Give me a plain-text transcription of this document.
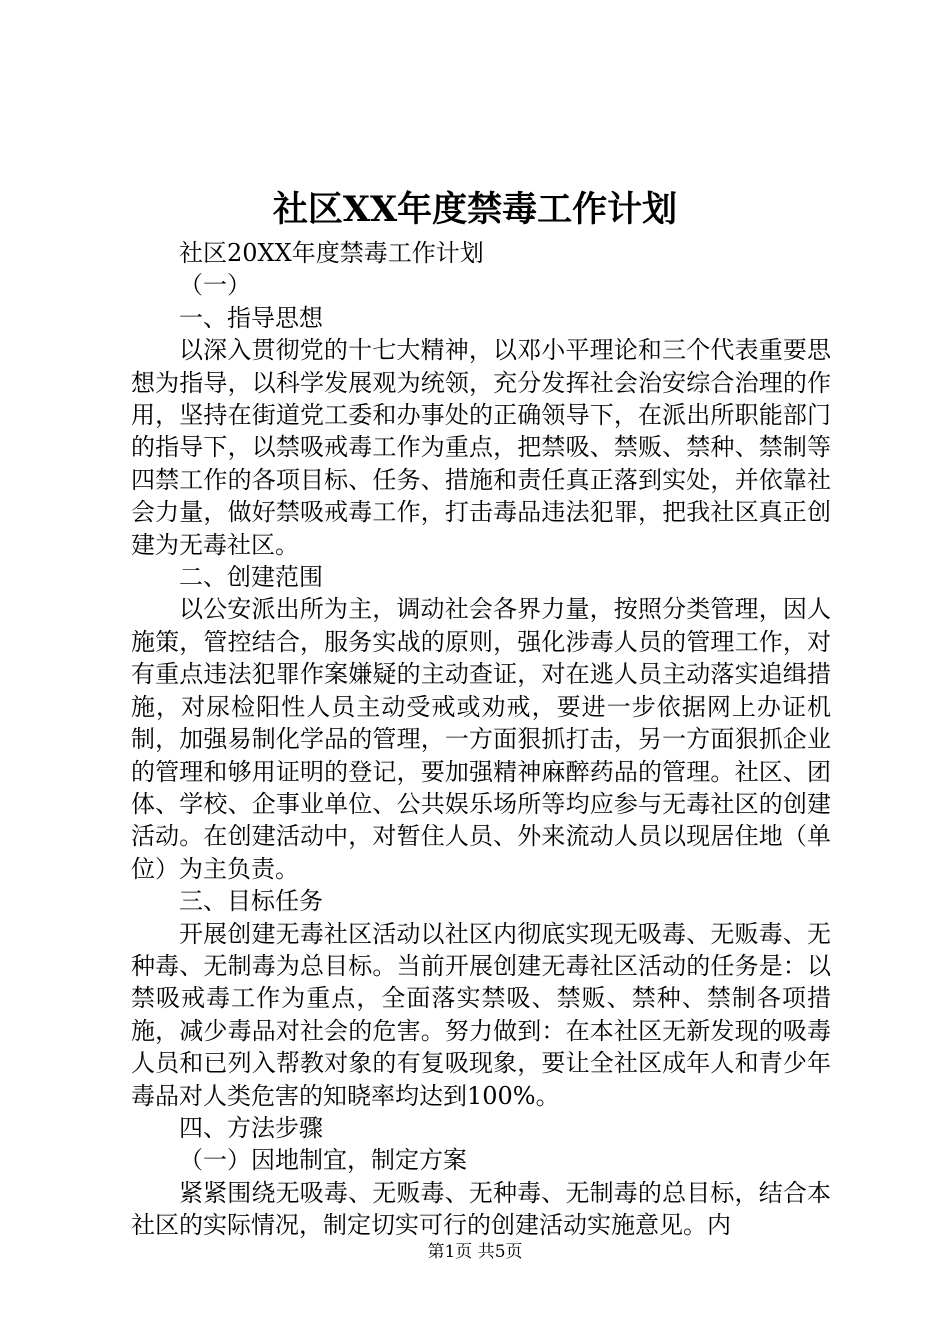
社区XX年度禁毒工作计划

社区20XX年度禁毒工作计划

（一）

一、指导思想

以深入贯彻党的十七大精神，以邓小平理论和三个代表重要思想为指导，以科学发展观为统领，充分发挥社会治安综合治理的作用，坚持在街道党工委和办事处的正确领导下，在派出所职能部门的指导下，以禁吸戒毒工作为重点，把禁吸、禁贩、禁种、禁制等四禁工作的各项目标、任务、措施和责任真正落到实处，并依靠社会力量，做好禁吸戒毒工作，打击毒品违法犯罪，把我社区真正创建为无毒社区。

二、创建范围

以公安派出所为主，调动社会各界力量，按照分类管理，因人施策，管控结合，服务实战的原则，强化涉毒人员的管理工作，对有重点违法犯罪作案嫌疑的主动查证，对在逃人员主动落实追缉措施，对尿检阳性人员主动受戒或劝戒，要进一步依据网上办证机制，加强易制化学品的管理，一方面狠抓打击，另一方面狠抓企业的管理和够用证明的登记，要加强精神麻醉药品的管理。社区、团体、学校、企事业单位、公共娱乐场所等均应参与无毒社区的创建活动。在创建活动中，对暂住人员、外来流动人员以现居住地（单位）为主负责。

三、目标任务

开展创建无毒社区活动以社区内彻底实现无吸毒、无贩毒、无种毒、无制毒为总目标。当前开展创建无毒社区活动的任务是：以禁吸戒毒工作为重点，全面落实禁吸、禁贩、禁种、禁制各项措施，减少毒品对社会的危害。努力做到：在本社区无新发现的吸毒人员和已列入帮教对象的有复吸现象，要让全社区成年人和青少年毒品对人类危害的知晓率均达到100%。

四、方法步骤

（一）因地制宜，制定方案

紧紧围绕无吸毒、无贩毒、无种毒、无制毒的总目标，结合本社区的实际情况，制定切实可行的创建活动实施意见。内

第1页 共5页
